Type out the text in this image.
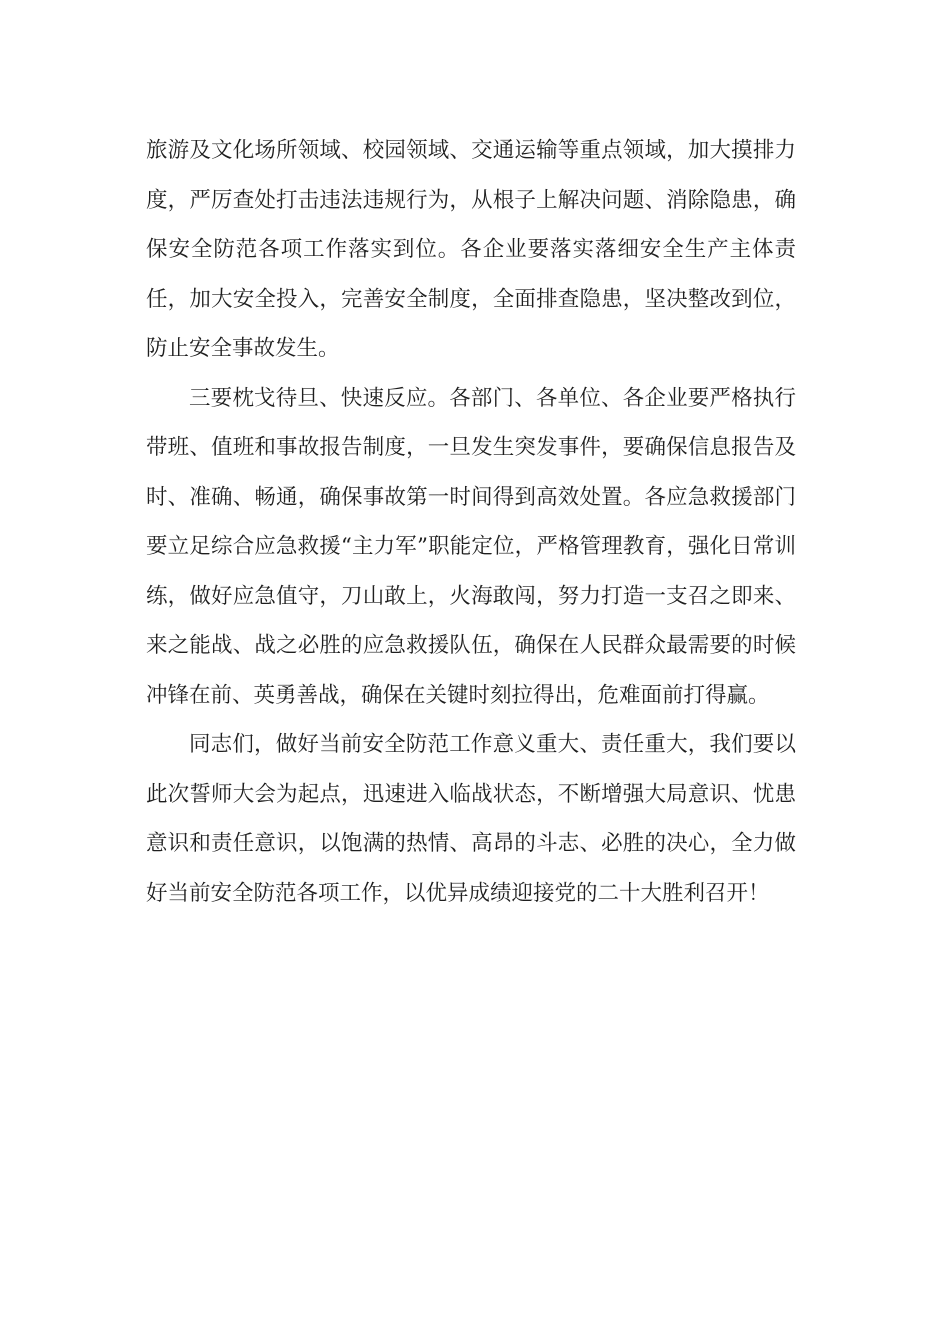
旅游及文化场所领域、校园领域、交通运输等重点领域，加大摸排力度，严厉查处打击违法违规行为，从根子上解决问题、消除隐患，确保安全防范各项工作落实到位。各企业要落实落细安全生产主体责任，加大安全投入，完善安全制度，全面排查隐患，坚决整改到位，防止安全事故发生。

三要枕戈待旦、快速反应。各部门、各单位、各企业要严格执行带班、值班和事故报告制度，一旦发生突发事件，要确保信息报告及时、准确、畅通，确保事故第一时间得到高效处置。各应急救援部门要立足综合应急救援“主力军”职能定位，严格管理教育，强化日常训练，做好应急值守，刀山敢上，火海敢闯，努力打造一支召之即来、来之能战、战之必胜的应急救援队伍，确保在人民群众最需要的时候冲锋在前、英勇善战，确保在关键时刻拉得出，危难面前打得赢。

同志们，做好当前安全防范工作意义重大、责任重大，我们要以此次誓师大会为起点，迅速进入临战状态，不断增强大局意识、忧患意识和责任意识，以饱满的热情、高昂的斗志、必胜的决心，全力做好当前安全防范各项工作，以优异成绩迎接党的二十大胜利召开！
